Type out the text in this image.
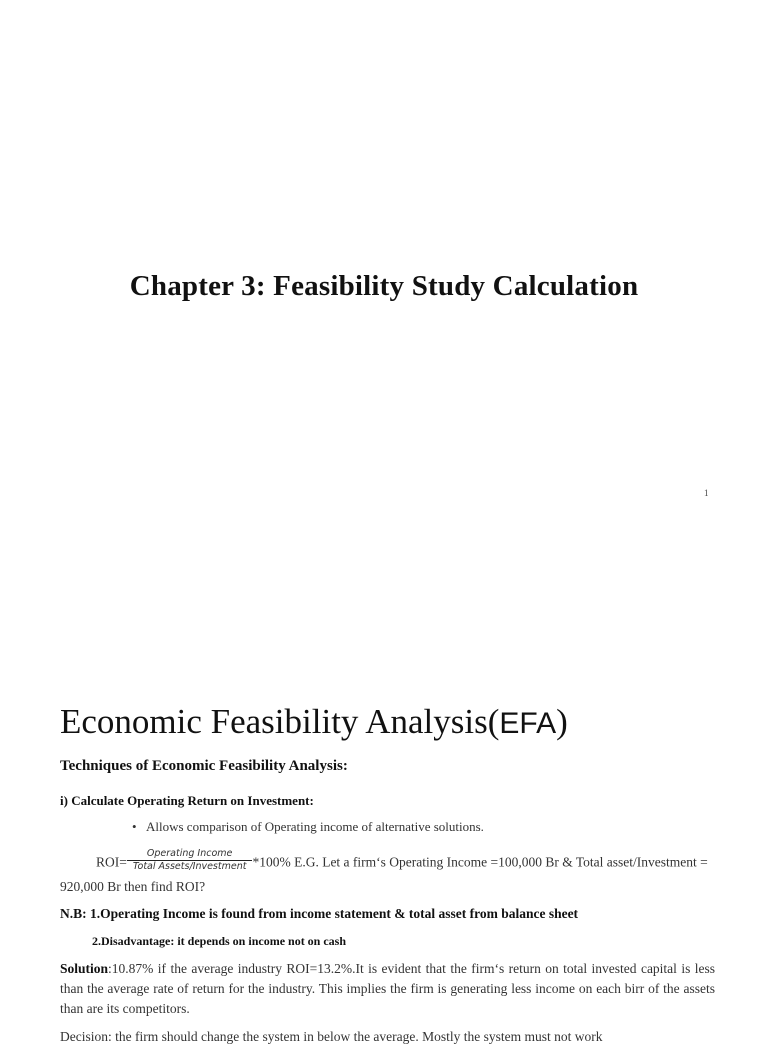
Chapter 3: Feasibility Study Calculation
1
Economic Feasibility Analysis(EFA)
Techniques of Economic Feasibility Analysis:
i) Calculate Operating Return on Investment:
• Allows comparison of Operating income of alternative solutions.
$ROI= \frac{\text{Operating Income}}{\text{Total Assets/Investment}} *100\%$ E.G. Let a firm‘s Operating Income =100,000 Br & Total asset/Investment = 920,000 Br then find ROI?
N.B: 1.Operating Income is found from income statement & total asset from balance sheet
2.Disadvantage: it depends on income not on cash
Solution:10.87% if the average industry ROI=13.2%.It is evident that the firm‘s return on total invested capital is less than the average rate of return for the industry. This implies the firm is generating less income on each birr of the assets than are its competitors.
Decision: the firm should change the system in below the average. Mostly the system must not work
